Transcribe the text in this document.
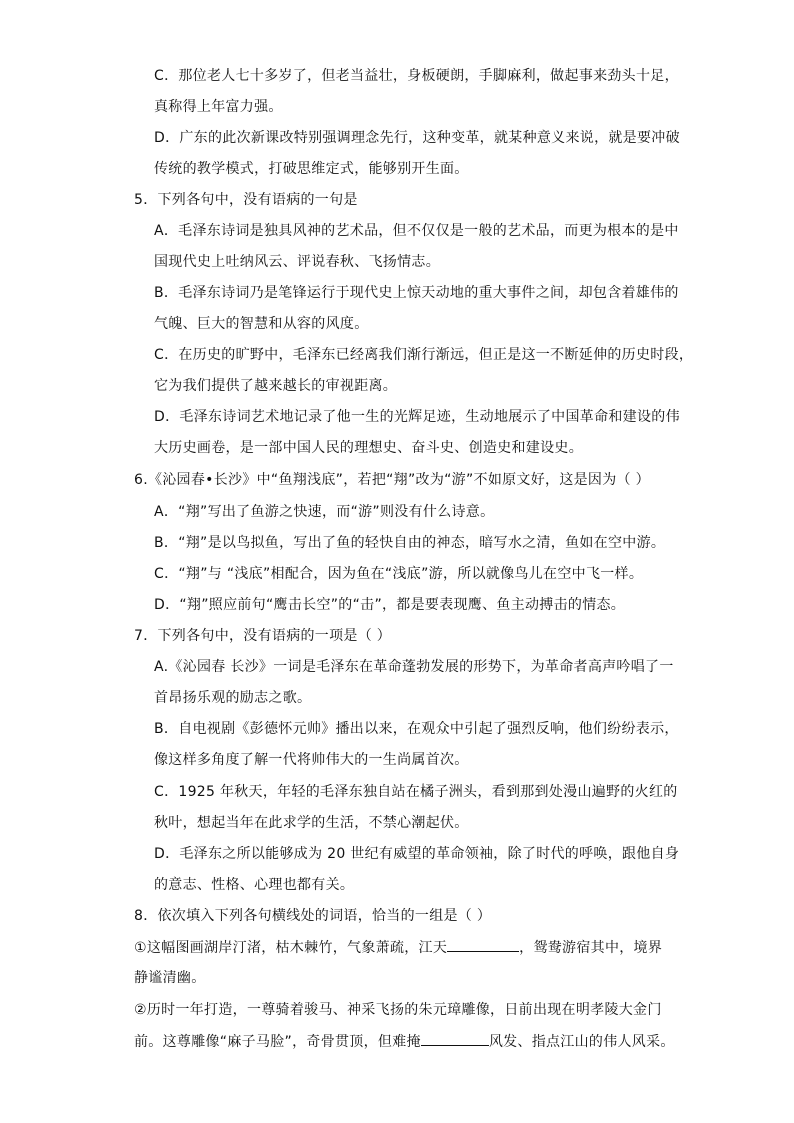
C．那位老人七十多岁了，但老当益壮，身板硬朗，手脚麻利，做起事来劲头十足，
真称得上年富力强。
D．广东的此次新课改特别强调理念先行，这种变革，就某种意义来说，就是要冲破
传统的教学模式，打破思维定式，能够别开生面。
5．下列各句中，没有语病的一句是
A．毛泽东诗词是独具风神的艺术品，但不仅仅是一般的艺术品，而更为根本的是中
国现代史上吐纳风云、评说春秋、飞扬情志。
B．毛泽东诗词乃是笔锋运行于现代史上惊天动地的重大事件之间，却包含着雄伟的
气魄、巨大的智慧和从容的风度。
C．在历史的旷野中，毛泽东已经离我们渐行渐远，但正是这一不断延伸的历史时段，
它为我们提供了越来越长的审视距离。
D．毛泽东诗词艺术地记录了他一生的光辉足迹，生动地展示了中国革命和建设的伟
大历史画卷，是一部中国人民的理想史、奋斗史、创造史和建设史。
6.《沁园春•长沙》中“鱼翔浅底”，若把“翔”改为“游”不如原文好，这是因为（ ）
A．“翔”写出了鱼游之快速，而“游”则没有什么诗意。
B．“翔”是以鸟拟鱼，写出了鱼的轻快自由的神态，暗写水之清，鱼如在空中游。
C．“翔”与 “浅底”相配合，因为鱼在“浅底”游，所以就像鸟儿在空中飞一样。
D．“翔”照应前句“鹰击长空”的“击”，都是要表现鹰、鱼主动搏击的情态。
7．下列各句中，没有语病的一项是（ ）
A.《沁园春 长沙》一词是毛泽东在革命蓬勃发展的形势下，为革命者高声吟唱了一
首昂扬乐观的励志之歌。
B．自电视剧《彭德怀元帅》播出以来，在观众中引起了强烈反响，他们纷纷表示，
像这样多角度了解一代将帅伟大的一生尚属首次。
C．1925 年秋天，年轻的毛泽东独自站在橘子洲头，看到那到处漫山遍野的火红的
秋叶，想起当年在此求学的生活，不禁心潮起伏。
D．毛泽东之所以能够成为 20 世纪有威望的革命领袖，除了时代的呼唤，跟他自身
的意志、性格、心理也都有关。
8．依次填入下列各句横线处的词语，恰当的一组是（ ）
①这幅图画湖岸汀渚，枯木棘竹，气象萧疏，江天	，鸳鸯游宿其中，境界
静谧清幽。
②历时一年打造，一尊骑着骏马、神采飞扬的朱元璋雕像，日前出现在明孝陵大金门
前。这尊雕像“麻子马脸”，奇骨贯顶，但难掩	风发、指点江山的伟人风采。
